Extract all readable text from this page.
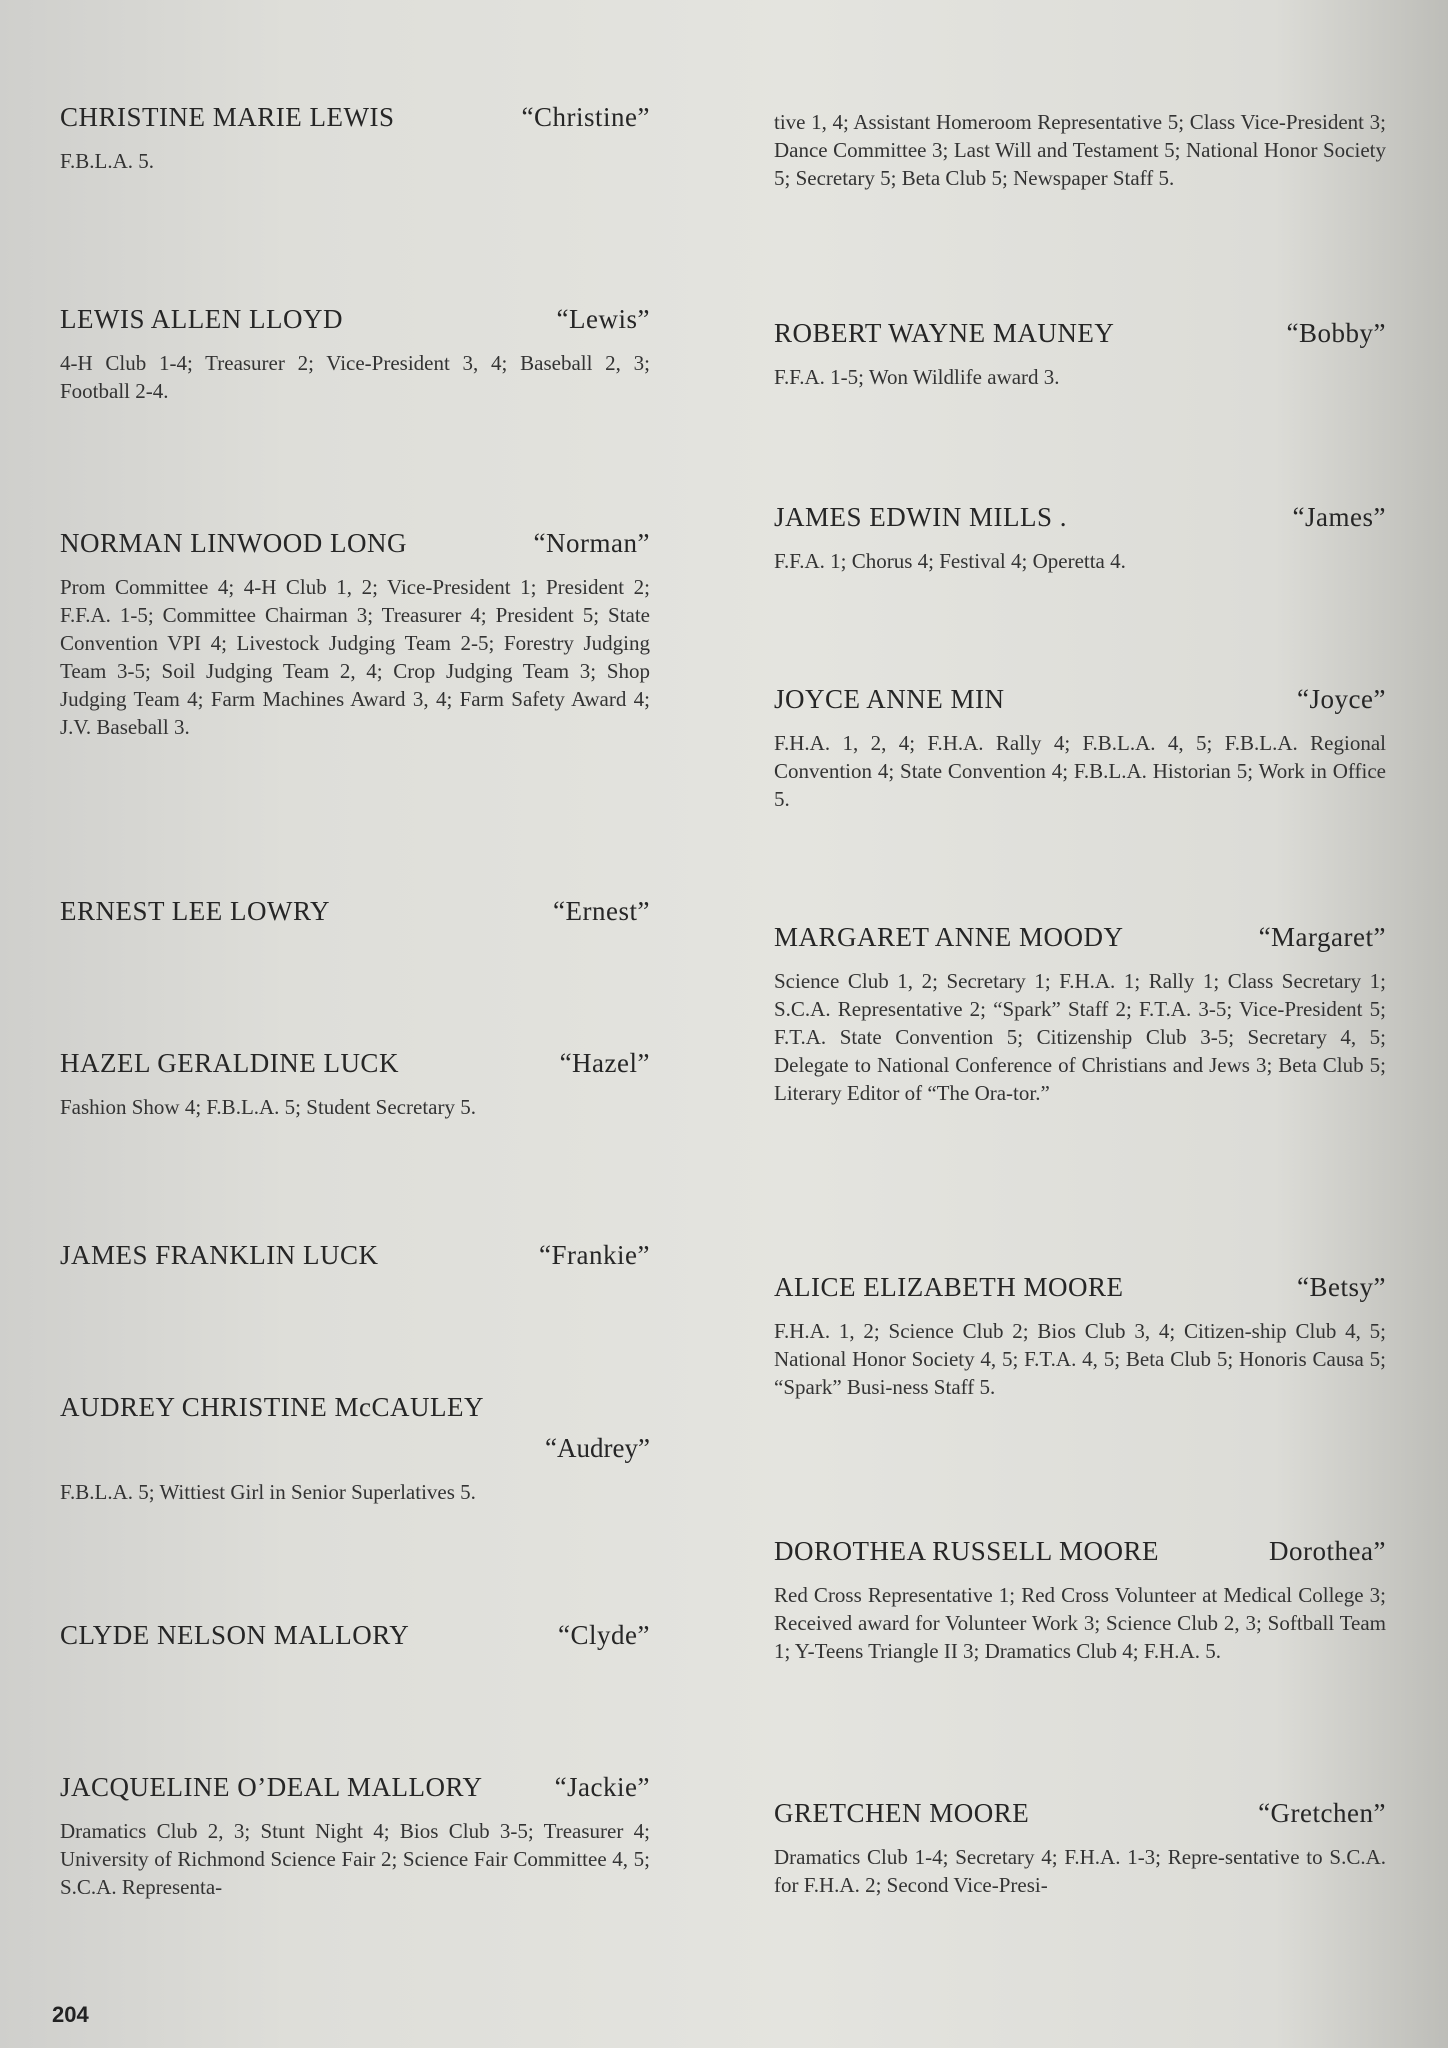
CHRISTINE MARIE LEWIS	“Christine”
F.B.L.A. 5.
LEWIS ALLEN LLOYD	“Lewis”
4-H Club 1-4; Treasurer 2; Vice-President 3, 4; Baseball 2, 3; Football 2-4.
NORMAN LINWOOD LONG	“Norman”
Prom Committee 4; 4-H Club 1, 2; Vice-President 1; President 2; F.F.A. 1-5; Committee Chairman 3; Treasurer 4; President 5; State Convention VPI 4; Livestock Judging Team 2-5; Forestry Judging Team 3-5; Soil Judging Team 2, 4; Crop Judging Team 3; Shop Judging Team 4; Farm Machines Award 3, 4; Farm Safety Award 4; J.V. Baseball 3.
ERNEST LEE LOWRY	“Ernest”
HAZEL GERALDINE LUCK	“Hazel”
Fashion Show 4; F.B.L.A. 5; Student Secretary 5.
JAMES FRANKLIN LUCK	“Frankie”
AUDREY CHRISTINE McCAULEY
“Audrey”
F.B.L.A. 5; Wittiest Girl in Senior Superlatives 5.
CLYDE NELSON MALLORY	“Clyde”
JACQUELINE O’DEAL MALLORY	“Jackie”
Dramatics Club 2, 3; Stunt Night 4; Bios Club 3-5; Treasurer 4; University of Richmond Science Fair 2; Science Fair Committee 4, 5; S.C.A. Representa-
tive 1, 4; Assistant Homeroom Representative 5; Class Vice-President 3; Dance Committee 3; Last Will and Testament 5; National Honor Society 5; Secretary 5; Beta Club 5; Newspaper Staff 5.
ROBERT WAYNE MAUNEY	“Bobby”
F.F.A. 1-5; Won Wildlife award 3.
JAMES EDWIN MILLS .	“James”
F.F.A. 1; Chorus 4; Festival 4; Operetta 4.
JOYCE ANNE MIN	“Joyce”
F.H.A. 1, 2, 4; F.H.A. Rally 4; F.B.L.A. 4, 5; F.B.L.A. Regional Convention 4; State Convention 4; F.B.L.A. Historian 5; Work in Office 5.
MARGARET ANNE MOODY	“Margaret”
Science Club 1, 2; Secretary 1; F.H.A. 1; Rally 1; Class Secretary 1; S.C.A. Representative 2; “Spark” Staff 2; F.T.A. 3-5; Vice-President 5; F.T.A. State Convention 5; Citizenship Club 3-5; Secretary 4, 5; Delegate to National Conference of Christians and Jews 3; Beta Club 5; Literary Editor of “The Ora-tor.”
ALICE ELIZABETH MOORE	“Betsy”
F.H.A. 1, 2; Science Club 2; Bios Club 3, 4; Citizen-ship Club 4, 5; National Honor Society 4, 5; F.T.A. 4, 5; Beta Club 5; Honoris Causa 5; “Spark” Busi-ness Staff 5.
DOROTHEA RUSSELL MOORE	Dorothea”
Red Cross Representative 1; Red Cross Volunteer at Medical College 3; Received award for Volunteer Work 3; Science Club 2, 3; Softball Team 1; Y-Teens Triangle II 3; Dramatics Club 4; F.H.A. 5.
GRETCHEN MOORE	“Gretchen”
Dramatics Club 1-4; Secretary 4; F.H.A. 1-3; Repre-sentative to S.C.A. for F.H.A. 2; Second Vice-Presi-
204
